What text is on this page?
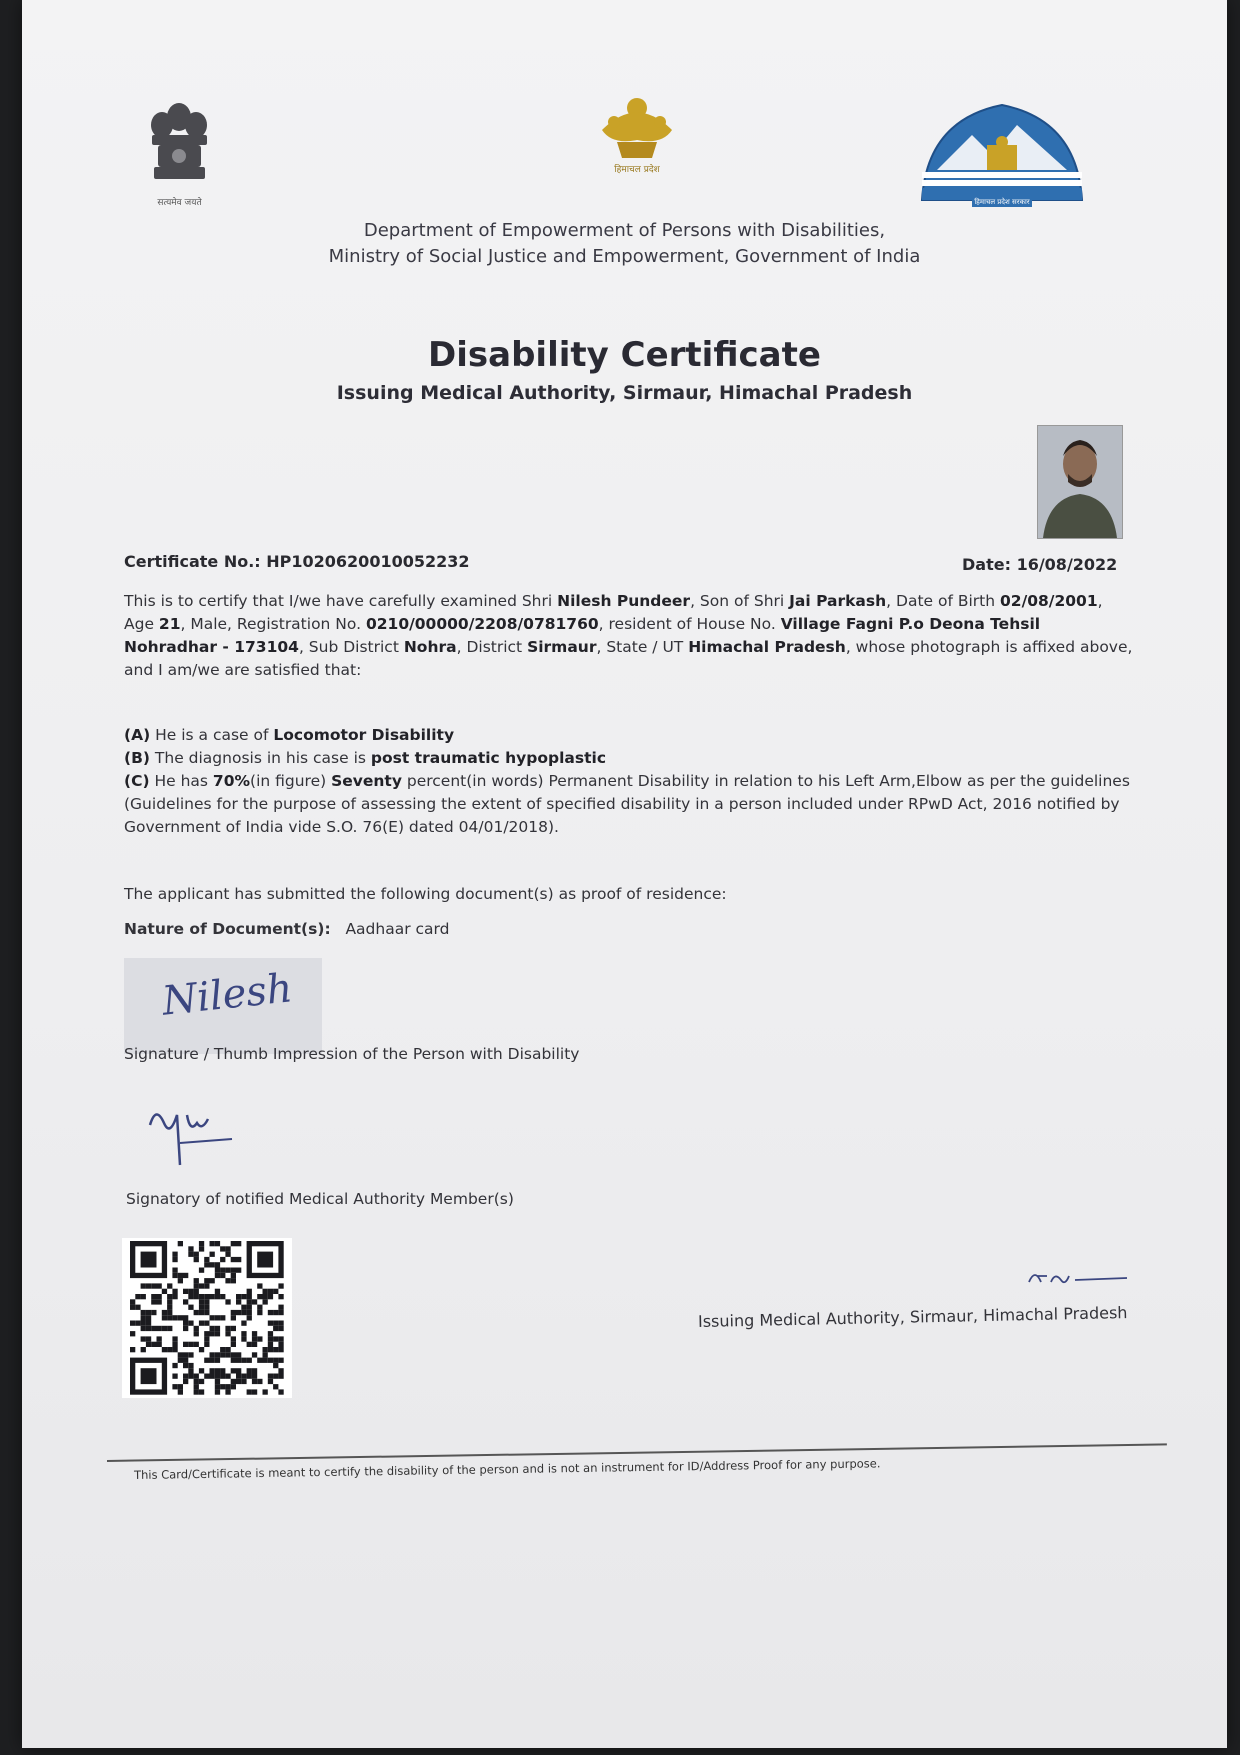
सत्यमेव जयते
हिमाचल प्रदेश
हिमाचल प्रदेश सरकार
Department of Empowerment of Persons with Disabilities,
Ministry of Social Justice and Empowerment, Government of India
Disability Certificate
Issuing Medical Authority, Sirmaur, Himachal Pradesh
Certificate No.: HP1020620010052232	Date: 16/08/2022
This is to certify that I/we have carefully examined Shri Nilesh Pundeer, Son of Shri Jai Parkash, Date of Birth 02/08/2001, Age 21, Male, Registration No. 0210/00000/2208/0781760, resident of House No. Village Fagni P.o Deona Tehsil Nohradhar - 173104, Sub District Nohra, District Sirmaur, State / UT Himachal Pradesh, whose photograph is affixed above, and I am/we are satisfied that:
(A) He is a case of Locomotor Disability
(B) The diagnosis in his case is post traumatic hypoplastic
(C) He has 70%(in figure) Seventy percent(in words) Permanent Disability in relation to his Left Arm,Elbow as per the guidelines (Guidelines for the purpose of assessing the extent of specified disability in a person included under RPwD Act, 2016 notified by Government of India vide S.O. 76(E) dated 04/01/2018).
The applicant has submitted the following document(s) as proof of residence:
Nature of Document(s): Aadhaar card
Nilesh
Signature / Thumb Impression of the Person with Disability
Signatory of notified Medical Authority Member(s)
Issuing Medical Authority, Sirmaur, Himachal Pradesh
This Card/Certificate is meant to certify the disability of the person and is not an instrument for ID/Address Proof for any purpose.
